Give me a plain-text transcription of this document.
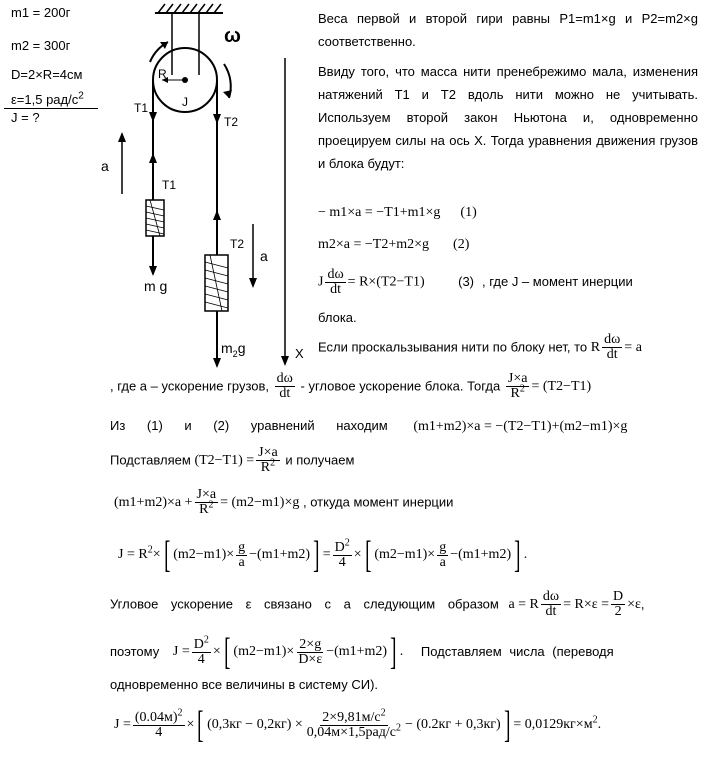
m1 = 200г
m2 = 300г
D=2×R=4см
ε=1,5 рад/$с^2$
J = ?
ω
R
J
T1
T2
a
T1
T2
a
m g
$m_2g$	X
Веса первой и второй гири равны P1=m1×g и P2=m2×g соответственно.
Ввиду того, что масса нити пренебрежимо мала, изменения натяжений T1 и T2 вдоль нити можно не учитывать. Используем второй закон Ньютона и, одновременно проецируем силы на ось X. Тогда уравнения движения грузов и блока будут:
− m1×a = −T1+m1×g (1)
m2×a = −T2+m2×g (2)
J $\frac{d\omega}{dt} = R\times(T2-T1)$	(3) , где J – момент инерции
блока.
Если проскальзывания нити по блоку нет, то R $\frac{d\omega}{dt} = a$
, где a – ускорение грузов, $\frac{d\omega}{dt}$ - угловое ускорение блока. Тогда $\frac{J\times a}{R^2} = (T2-T1)$
Из (1) и (2) уравнений находим (m1+m2)×a = −(T2−T1)+(m2−m1)×g
Подставляем $(T2-T1) = \frac{J\times a}{R^2}$ и получаем
$(m1+m2)\times a + \frac{J\times a}{R^2} = (m2-m1)\times g$ , откуда момент инерции
$J = R^2\times$[ $(m2-m1)\times \frac{g}{a} -(m1+m2)] = \frac{D^2}{4}$ ×[ $(m2-m1)\times \frac{g}{a} -(m1+m2)$] .
Угловое ускорение ε связано с a следующим образом a = R $\frac{d\omega}{dt} = R\times\varepsilon = \frac{D}{2} \times\varepsilon$,
поэтому $J = \frac{D^2}{4}$ ×[ $(m2-m1)\times \frac{2\times g}{D\times\varepsilon} -(m1+m2)$] . Подставляем числа (переводя
одновременно все величины в систему СИ).
$J = \frac{(0.04м)^2}{4}$ ×[ $(0,3кг - 0,2кг) \times \frac{2\times 9,81м/с^2}{0,04м\times 1,5рад/с^2} - (0.2кг + 0,3кг)] = 0,0129кг\times м^2$.
